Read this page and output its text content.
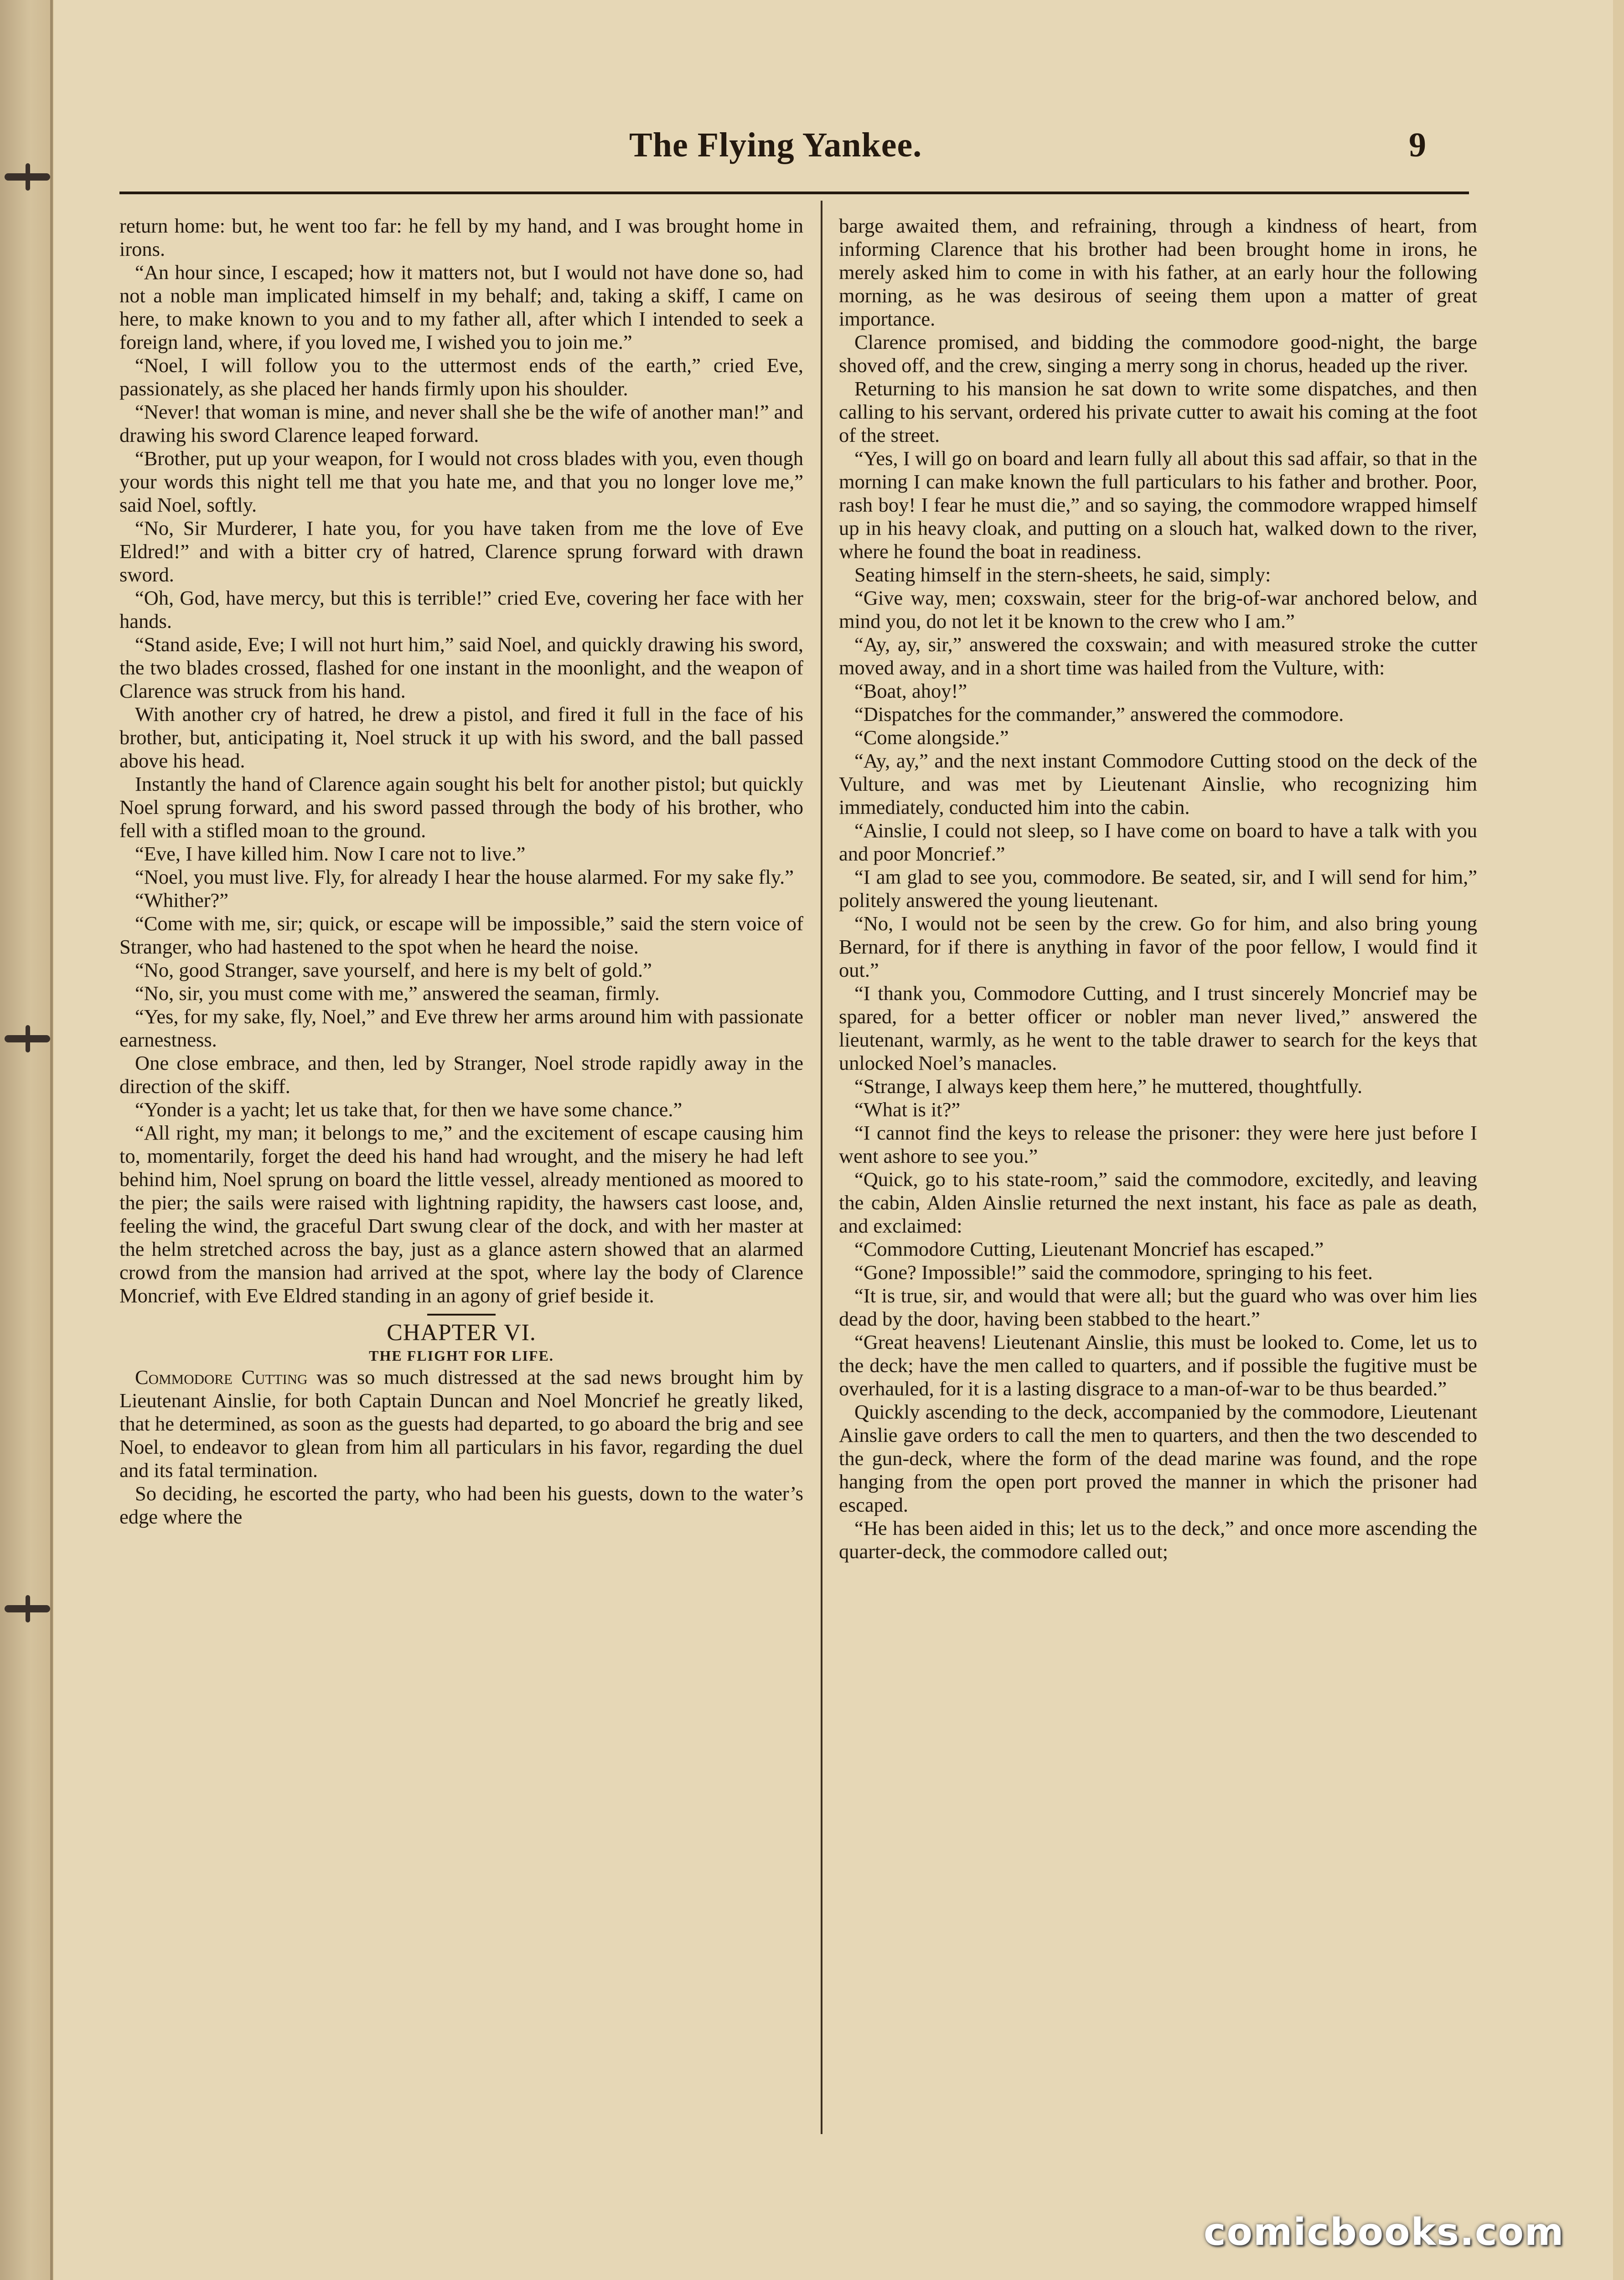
The Flying Yankee.	9

return home: but, he went too far: he fell by my hand, and I was brought home in irons.

“An hour since, I escaped; how it matters not, but I would not have done so, had not a noble man implicated himself in my behalf; and, taking a skiff, I came on here, to make known to you and to my father all, after which I intended to seek a foreign land, where, if you loved me, I wished you to join me.”

“Noel, I will follow you to the uttermost ends of the earth,” cried Eve, passionately, as she placed her hands firmly upon his shoulder.

“Never! that woman is mine, and never shall she be the wife of another man!” and drawing his sword Clarence leaped forward.

“Brother, put up your weapon, for I would not cross blades with you, even though your words this night tell me that you hate me, and that you no longer love me,” said Noel, softly.

“No, Sir Murderer, I hate you, for you have taken from me the love of Eve Eldred!” and with a bitter cry of hatred, Clarence sprung forward with drawn sword.

“Oh, God, have mercy, but this is terrible!” cried Eve, covering her face with her hands.

“Stand aside, Eve; I will not hurt him,” said Noel, and quickly drawing his sword, the two blades crossed, flashed for one instant in the moonlight, and the weapon of Clarence was struck from his hand.

With another cry of hatred, he drew a pistol, and fired it full in the face of his brother, but, anticipating it, Noel struck it up with his sword, and the ball passed above his head.

Instantly the hand of Clarence again sought his belt for another pistol; but quickly Noel sprung forward, and his sword passed through the body of his brother, who fell with a stifled moan to the ground.

“Eve, I have killed him. Now I care not to live.”

“Noel, you must live. Fly, for already I hear the house alarmed. For my sake fly.”

“Whither?”

“Come with me, sir; quick, or escape will be impossible,” said the stern voice of Stranger, who had hastened to the spot when he heard the noise.

“No, good Stranger, save yourself, and here is my belt of gold.”

“No, sir, you must come with me,” answered the seaman, firmly.

“Yes, for my sake, fly, Noel,” and Eve threw her arms around him with passionate earnestness.

One close embrace, and then, led by Stranger, Noel strode rapidly away in the direction of the skiff.

“Yonder is a yacht; let us take that, for then we have some chance.”

“All right, my man; it belongs to me,” and the excitement of escape causing him to, momentarily, forget the deed his hand had wrought, and the misery he had left behind him, Noel sprung on board the little vessel, already mentioned as moored to the pier; the sails were raised with lightning rapidity, the hawsers cast loose, and, feeling the wind, the graceful Dart swung clear of the dock, and with her master at the helm stretched across the bay, just as a glance astern showed that an alarmed crowd from the mansion had arrived at the spot, where lay the body of Clarence Moncrief, with Eve Eldred standing in an agony of grief beside it.

CHAPTER VI.
THE FLIGHT FOR LIFE.

Commodore Cutting was so much distressed at the sad news brought him by Lieutenant Ainslie, for both Captain Duncan and Noel Moncrief he greatly liked, that he determined, as soon as the guests had departed, to go aboard the brig and see Noel, to endeavor to glean from him all particulars in his favor, regarding the duel and its fatal termination.

So deciding, he escorted the party, who had been his guests, down to the water’s edge where the

barge awaited them, and refraining, through a kindness of heart, from informing Clarence that his brother had been brought home in irons, he merely asked him to come in with his father, at an early hour the following morning, as he was desirous of seeing them upon a matter of great importance.

Clarence promised, and bidding the commodore good-night, the barge shoved off, and the crew, singing a merry song in chorus, headed up the river.

Returning to his mansion he sat down to write some dispatches, and then calling to his servant, ordered his private cutter to await his coming at the foot of the street.

“Yes, I will go on board and learn fully all about this sad affair, so that in the morning I can make known the full particulars to his father and brother. Poor, rash boy! I fear he must die,” and so saying, the commodore wrapped himself up in his heavy cloak, and putting on a slouch hat, walked down to the river, where he found the boat in readiness.

Seating himself in the stern-sheets, he said, simply:

“Give way, men; coxswain, steer for the brig-of-war anchored below, and mind you, do not let it be known to the crew who I am.”

“Ay, ay, sir,” answered the coxswain; and with measured stroke the cutter moved away, and in a short time was hailed from the Vulture, with:

“Boat, ahoy!”

“Dispatches for the commander,” answered the commodore.

“Come alongside.”

“Ay, ay,” and the next instant Commodore Cutting stood on the deck of the Vulture, and was met by Lieutenant Ainslie, who recognizing him immediately, conducted him into the cabin.

“Ainslie, I could not sleep, so I have come on board to have a talk with you and poor Moncrief.”

“I am glad to see you, commodore. Be seated, sir, and I will send for him,” politely answered the young lieutenant.

“No, I would not be seen by the crew. Go for him, and also bring young Bernard, for if there is anything in favor of the poor fellow, I would find it out.”

“I thank you, Commodore Cutting, and I trust sincerely Moncrief may be spared, for a better officer or nobler man never lived,” answered the lieutenant, warmly, as he went to the table drawer to search for the keys that unlocked Noel’s manacles.

“Strange, I always keep them here,” he muttered, thoughtfully.

“What is it?”

“I cannot find the keys to release the prisoner: they were here just before I went ashore to see you.”

“Quick, go to his state-room,” said the commodore, excitedly, and leaving the cabin, Alden Ainslie returned the next instant, his face as pale as death, and exclaimed:

“Commodore Cutting, Lieutenant Moncrief has escaped.”

“Gone? Impossible!” said the commodore, springing to his feet.

“It is true, sir, and would that were all; but the guard who was over him lies dead by the door, having been stabbed to the heart.”

“Great heavens! Lieutenant Ainslie, this must be looked to. Come, let us to the deck; have the men called to quarters, and if possible the fugitive must be overhauled, for it is a lasting disgrace to a man-of-war to be thus bearded.”

Quickly ascending to the deck, accompanied by the commodore, Lieutenant Ainslie gave orders to call the men to quarters, and then the two descended to the gun-deck, where the form of the dead marine was found, and the rope hanging from the open port proved the manner in which the prisoner had escaped.

“He has been aided in this; let us to the deck,” and once more ascending the quarter-deck, the commodore called out;

comicbooks.com
